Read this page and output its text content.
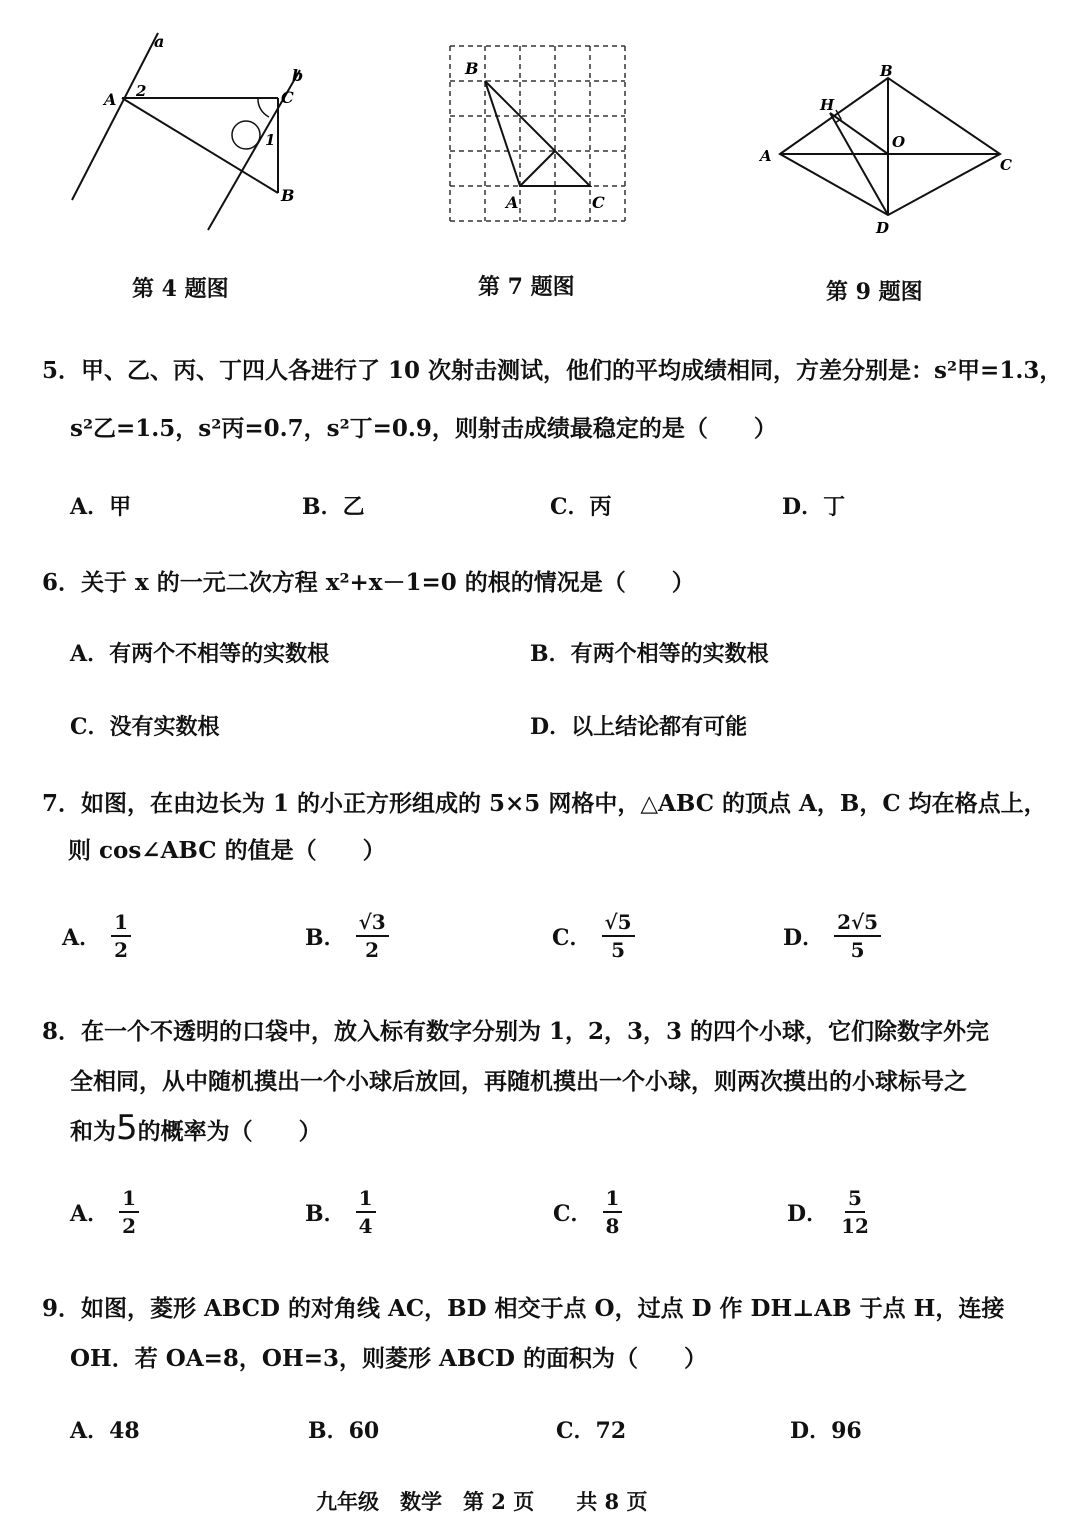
a
b
A	C
B
1
2
第 4 题图
B
A	C
第 7 题图
B
A	C
D
H
O
第 9 题图
5．甲、乙、丙、丁四人各进行了 10 次射击测试，他们的平均成绩相同，方差分别是：s²甲=1.3，
s²乙=1.5，s²丙=0.7，s²丁=0.9，则射击成绩最稳定的是（　　）
A．甲	B．乙	C．丙	D．丁
6．关于 x 的一元二次方程 x²+x－1=0 的根的情况是（　　）
A．有两个不相等的实数根	B．有两个相等的实数根
C．没有实数根	D．以上结论都有可能
7．如图，在由边长为 1 的小正方形组成的 5×5 网格中，△ABC 的顶点 A，B，C 均在格点上，
则 cos∠ABC 的值是（　　）
A． $\frac{1}{2}$	B． $\frac{√3}{2}$	C． $\frac{√5}{5}$	D． $\frac{2√5}{5}$
8．在一个不透明的口袋中，放入标有数字分别为 1，2，3，3 的四个小球，它们除数字外完
全相同，从中随机摸出一个小球后放回，再随机摸出一个小球，则两次摸出的小球标号之
和为5的概率为（　　）
A． $\frac{1}{2}$	B． $\frac{1}{4}$	C． $\frac{1}{8}$	D． $\frac{5}{12}$
9．如图，菱形 ABCD 的对角线 AC，BD 相交于点 O，过点 D 作 DH⊥AB 于点 H，连接
OH．若 OA=8，OH=3，则菱形 ABCD 的面积为（　　）
A．48	B．60	C．72	D．96
九年级　数学　第 2 页　　共 8 页
